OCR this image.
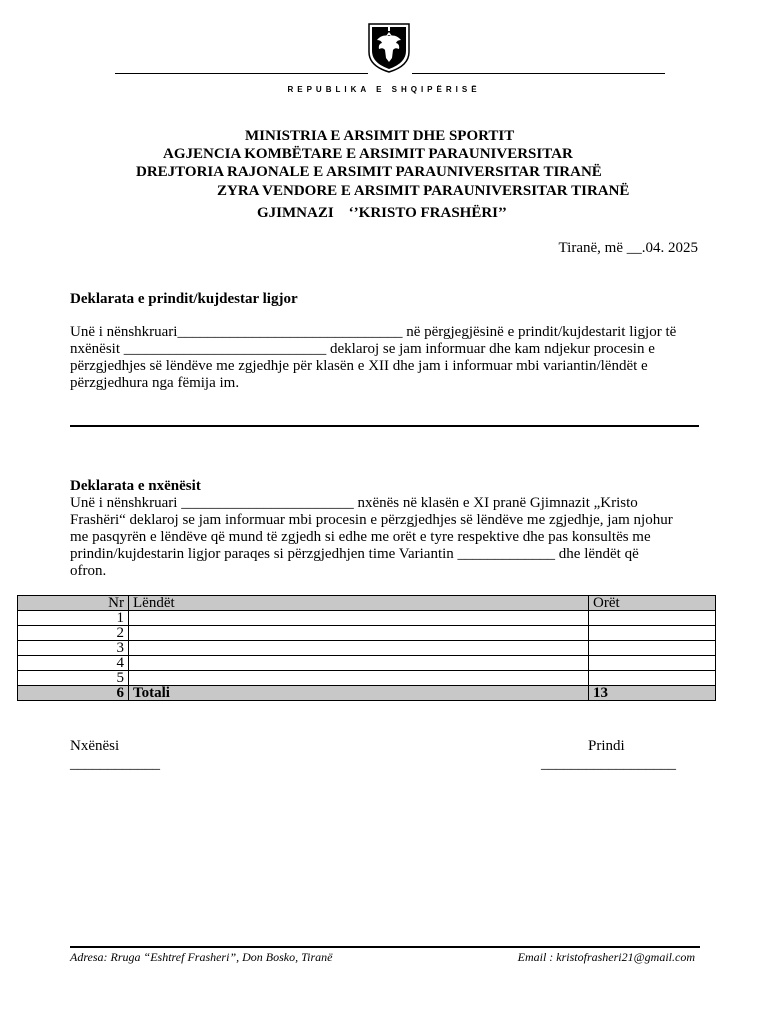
REPUBLIKA E SHQIPËRISË
MINISTRIA E ARSIMIT DHE SPORTIT
AGJENCIA KOMBËTARE E ARSIMIT PARAUNIVERSITAR
DREJTORIA RAJONALE E ARSIMIT PARAUNIVERSITAR TIRANË
ZYRA VENDORE E ARSIMIT PARAUNIVERSITAR TIRANË
GJIMNAZI    ‘’KRISTO FRASHËRI’’
Tiranë, më __.04. 2025
Deklarata e prindit/kujdestar ligjor
Unë i nënshkruari______________________________ në përgjegjësinë e prindit/kujdestarit ligjor të
nxënësit ___________________________ deklaroj se jam informuar dhe kam ndjekur procesin e
përzgjedhjes së lëndëve me zgjedhje për klasën e XII dhe jam i informuar mbi variantin/lëndët e
përzgjedhura nga fëmija im.
Deklarata e nxënësit
Unë i nënshkruari _______________________ nxënës në klasën e XI pranë Gjimnazit „Kristo
Frashëri“ deklaroj se jam informuar mbi procesin e përzgjedhjes së lëndëve me zgjedhje, jam njohur
me pasqyrën e lëndëve që mund të zgjedh si edhe me orët e tyre respektive dhe pas konsultës me
prindin/kujdestarin ligjor paraqes si përzgjedhjen time Variantin _____________ dhe lëndët që
ofron.
Nr	Lëndët	Orët
1		
2		
3		
4		
5		
6	Totali	13
Nxënësi
____________
Prindi
__________________
Adresa: Rruga “Eshtref Frasheri”, Don Bosko, Tiranë	Email : kristofrasheri21@gmail.com
